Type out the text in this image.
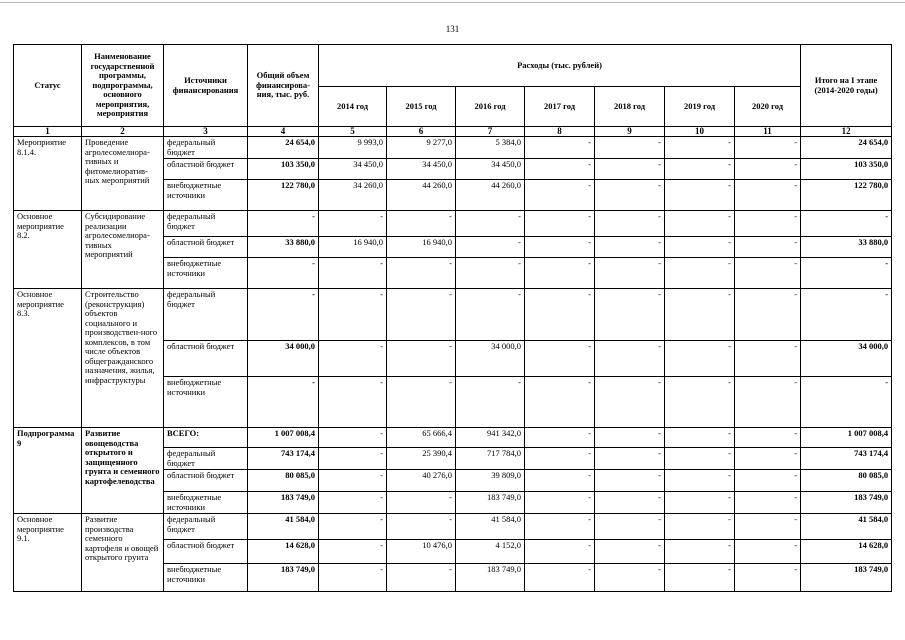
131
Статус	Наименование государственной программы, подпрограммы, основного мероприятия, мероприятия	Источники финансирования	Общий объем финансирова-ния, тыс. руб.	Расходы (тыс. рублей)							Итого на I этапе (2014-2020 годы)
				2014 год	2015 год	2016 год	2017 год	2018 год	2019 год	2020 год	
1	2	3	4	5	6	7	8	9	10	11	12
Мероприятие 8.1.4.	Проведение агролесомелиора-тивных и фитомелиоратив-ных мероприятий	федеральный бюджет	24 654,0	9 993,0	9 277,0	5 384,0	-	-	-	-	24 654,0
		областной бюджет	103 350,0	34 450,0	34 450,0	34 450,0	-	-	-	-	103 350,0
		внебюджетные источники	122 780,0	34 260,0	44 260,0	44 260,0	-	-	-	-	122 780,0
Основное мероприятие 8.2.	Субсидирование реализации агролесомелиора-тивных мероприятий	федеральный бюджет	-	-	-	-	-	-	-	-	-
		областной бюджет	33 880,0	16 940,0	16 940,0	-	-	-	-	-	33 880,0
		внебюджетные источники	-	-	-	-	-	-	-	-	-
Основное мероприятие 8.3.	Строительство (реконструкция) объектов социального и производствен-ного комплексов, в том числе объектов общегражданского назначения, жилья, инфраструктуры	федеральный бюджет	-	-	-	-	-	-	-	-	-
		областной бюджет	34 000,0	-	-	34 000,0	-	-	-	-	34 000,0
		внебюджетные источники	-	-	-	-	-	-	-	-	-
Подпрограмма 9	Развитие овощеводства открытого и защищенного грунта и семенного картофелеводства	ВСЕГО:	1 007 008,4	-	65 666,4	941 342,0	-	-	-	-	1 007 008,4
		федеральный бюджет	743 174,4	-	25 390,4	717 784,0	-	-	-	-	743 174,4
		областной бюджет	80 085,0	-	40 276,0	39 809,0	-	-	-	-	80 085,0
		внебюджетные источники	183 749,0	-	-	183 749,0	-	-	-	-	183 749,0
Основное мероприятие 9.1.	Развитие производства семенного картофеля и овощей открытого грунта	федеральный бюджет	41 584,0	-	-	41 584,0	-	-	-	-	41 584,0
		областной бюджет	14 628,0	-	10 476,0	4 152,0	-	-	-	-	14 628,0
		внебюджетные источники	183 749,0	-	-	183 749,0	-	-	-	-	183 749,0
